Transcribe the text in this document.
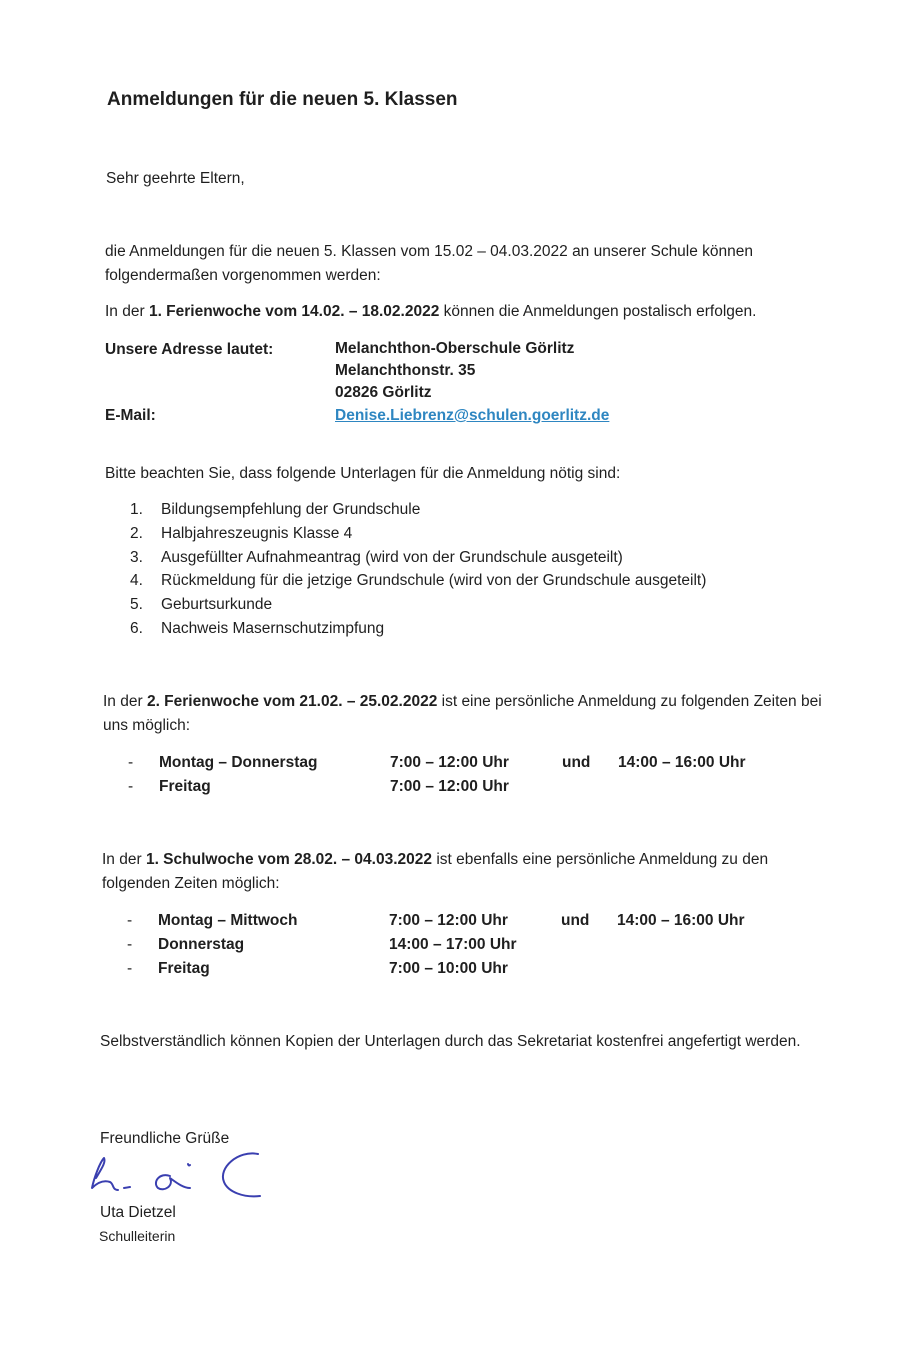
Anmeldungen für die neuen 5. Klassen

Sehr geehrte Eltern,

die Anmeldungen für die neuen 5. Klassen vom 15.02 – 04.03.2022 an unserer Schule können folgendermaßen vorgenommen werden:

In der 1. Ferienwoche vom 14.02. – 18.02.2022 können die Anmeldungen postalisch erfolgen.

Unsere Adresse lautet:	Melanchthon-Oberschule Görlitz
Melanchthonstr. 35
02826 Görlitz
E-Mail:	Denise.Liebrenz@schulen.goerlitz.de

Bitte beachten Sie, dass folgende Unterlagen für die Anmeldung nötig sind:

1.	Bildungsempfehlung der Grundschule
2.	Halbjahreszeugnis Klasse 4
3.	Ausgefüllter Aufnahmeantrag (wird von der Grundschule ausgeteilt)
4.	Rückmeldung für die jetzige Grundschule (wird von der Grundschule ausgeteilt)
5.	Geburtsurkunde
6.	Nachweis Masernschutzimpfung

In der 2. Ferienwoche vom 21.02. – 25.02.2022 ist eine persönliche Anmeldung zu folgenden Zeiten bei uns möglich:

-	Montag – Donnerstag	7:00 – 12:00 Uhr	und	14:00 – 16:00 Uhr
-	Freitag	7:00 – 12:00 Uhr

In der 1. Schulwoche vom 28.02. – 04.03.2022 ist ebenfalls eine persönliche Anmeldung zu den folgenden Zeiten möglich:

-	Montag – Mittwoch	7:00 – 12:00 Uhr	und	14:00 – 16:00 Uhr
-	Donnerstag	14:00 – 17:00 Uhr
-	Freitag	7:00 – 10:00 Uhr

Selbstverständlich können Kopien der Unterlagen durch das Sekretariat kostenfrei angefertigt werden.

Freundliche Grüße
Uta Dietzel
Schulleiterin
